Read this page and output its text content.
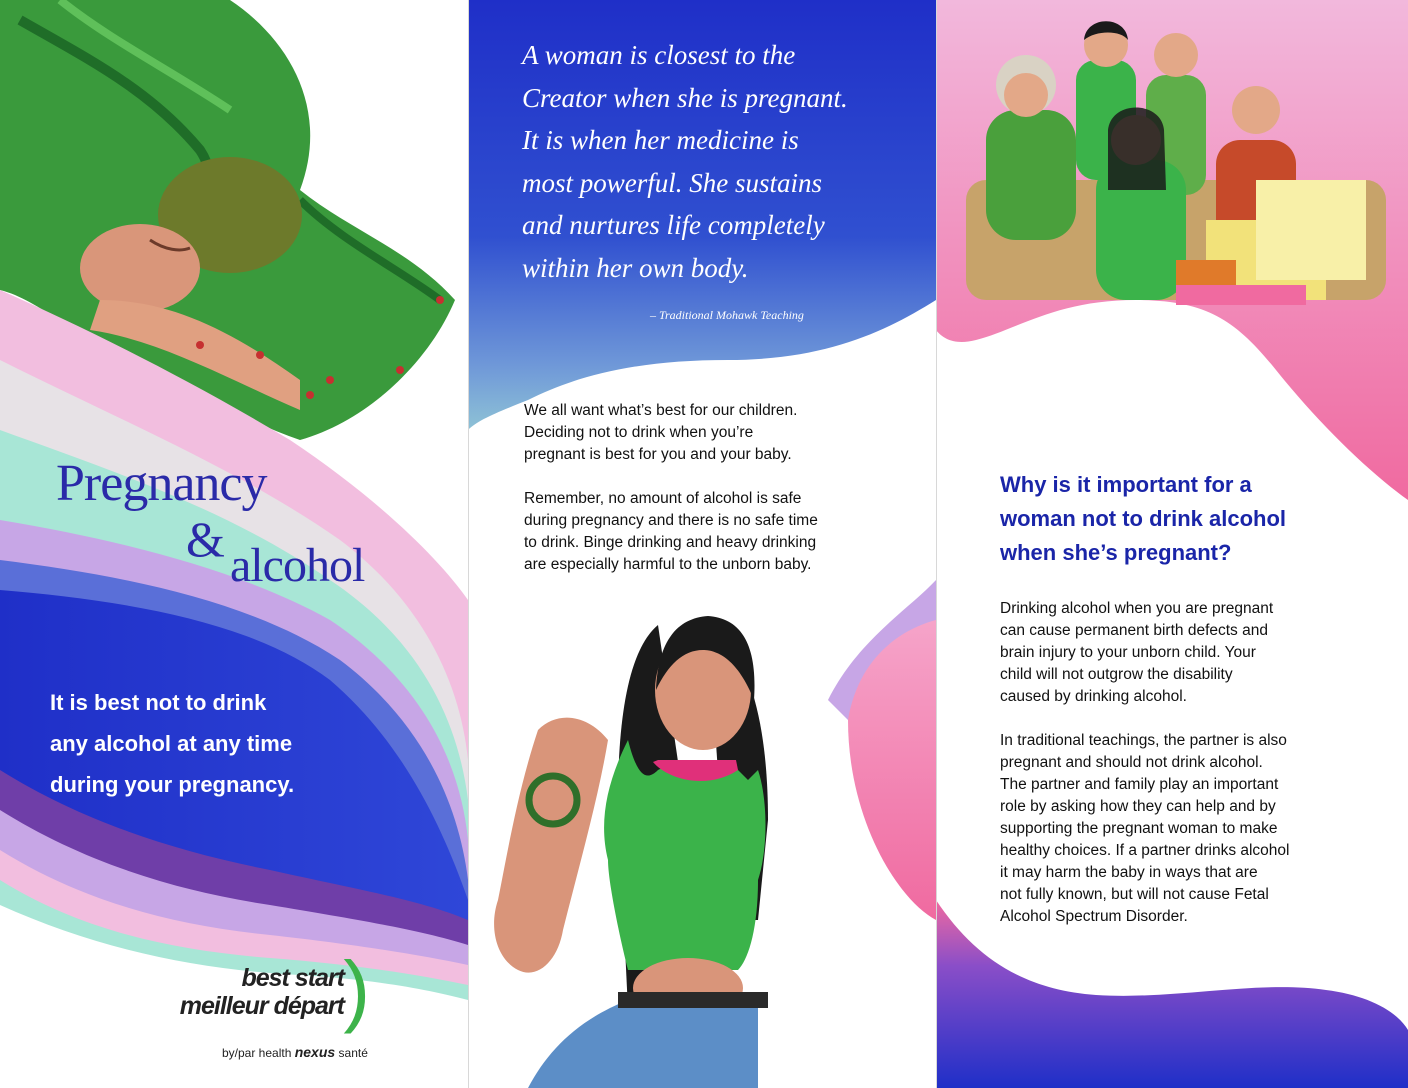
Pregnancy
& alcohol
It is best not to drink
any alcohol at any time
during your pregnancy.
best start
meilleur départ )
by/par health nexus santé
A woman is closest to the
Creator when she is pregnant.
It is when her medicine is
most powerful. She sustains
and nurtures life completely
within her own body.
– Traditional Mohawk Teaching
We all want what’s best for our children.
Deciding not to drink when you’re
pregnant is best for you and your baby.
Remember, no amount of alcohol is safe
during pregnancy and there is no safe time
to drink. Binge drinking and heavy drinking
are especially harmful to the unborn baby.
Why is it important for a
woman not to drink alcohol
when she’s pregnant?
Drinking alcohol when you are pregnant
can cause permanent birth defects and
brain injury to your unborn child. Your
child will not outgrow the disability
caused by drinking alcohol.
In traditional teachings, the partner is also
pregnant and should not drink alcohol.
The partner and family play an important
role by asking how they can help and by
supporting the pregnant woman to make
healthy choices. If a partner drinks alcohol
it may harm the baby in ways that are
not fully known, but will not cause Fetal
Alcohol Spectrum Disorder.
